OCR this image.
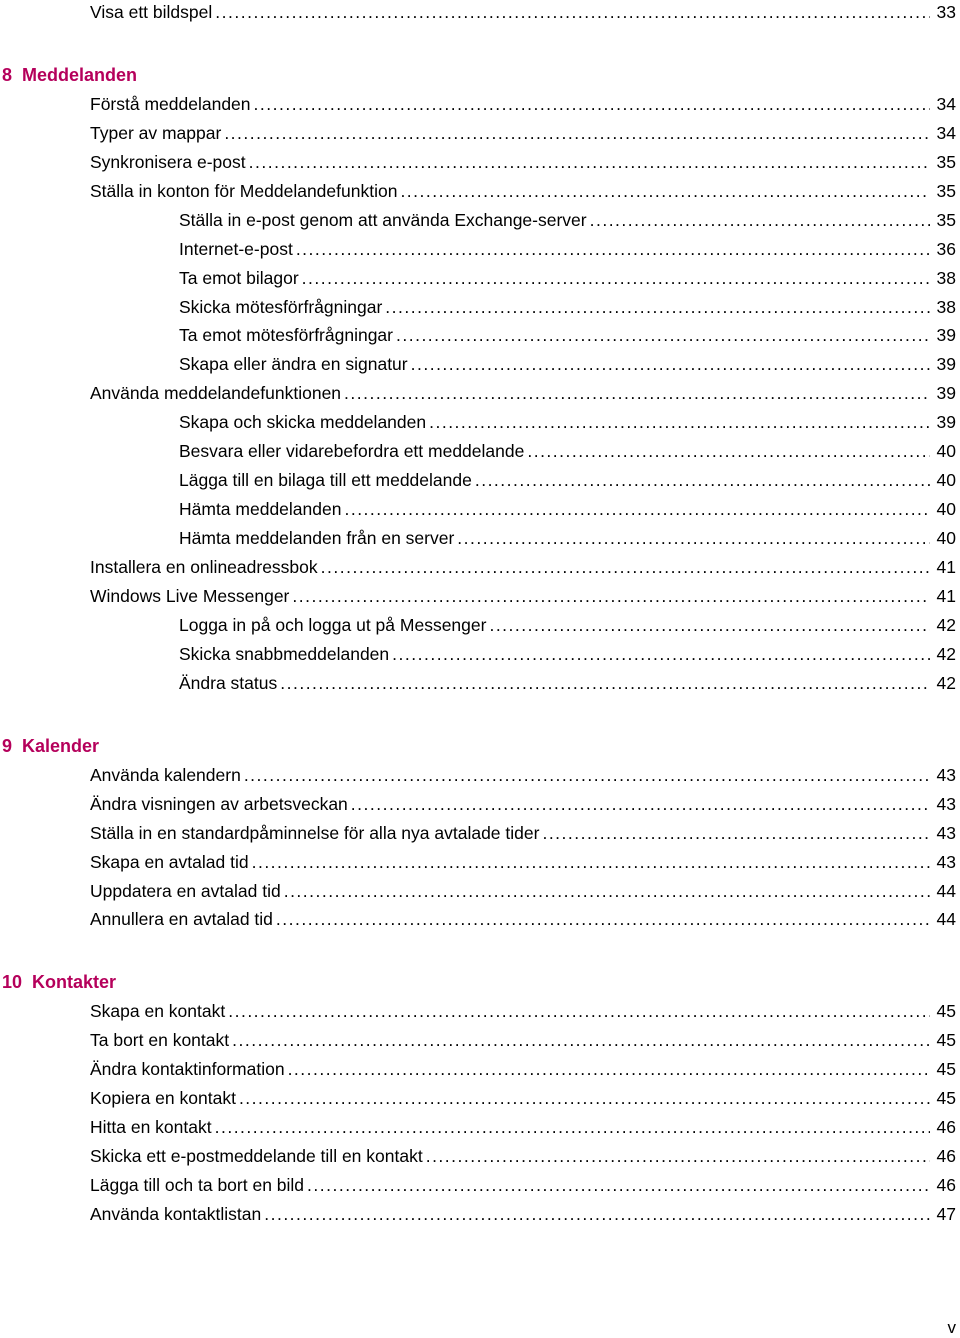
Visa ett bildspel .....	33
8 Meddelanden
Förstå meddelanden .....	34
Typer av mappar .....	34
Synkronisera e-post .....	35
Ställa in konton för Meddelandefunktion .....	35
Ställa in e-post genom att använda Exchange-server .....	35
Internet-e-post .....	36
Ta emot bilagor .....	38
Skicka mötesförfrågningar .....	38
Ta emot mötesförfrågningar .....	39
Skapa eller ändra en signatur .....	39
Använda meddelandefunktionen .....	39
Skapa och skicka meddelanden .....	39
Besvara eller vidarebefordra ett meddelande .....	40
Lägga till en bilaga till ett meddelande .....	40
Hämta meddelanden .....	40
Hämta meddelanden från en server .....	40
Installera en onlineadressbok .....	41
Windows Live Messenger .....	41
Logga in på och logga ut på Messenger .....	42
Skicka snabbmeddelanden .....	42
Ändra status .....	42
9 Kalender
Använda kalendern .....	43
Ändra visningen av arbetsveckan .....	43
Ställa in en standardpåminnelse för alla nya avtalade tider .....	43
Skapa en avtalad tid .....	43
Uppdatera en avtalad tid .....	44
Annullera en avtalad tid .....	44
10 Kontakter
Skapa en kontakt .....	45
Ta bort en kontakt .....	45
Ändra kontaktinformation .....	45
Kopiera en kontakt .....	45
Hitta en kontakt .....	46
Skicka ett e-postmeddelande till en kontakt .....	46
Lägga till och ta bort en bild .....	46
Använda kontaktlistan .....	47
v
